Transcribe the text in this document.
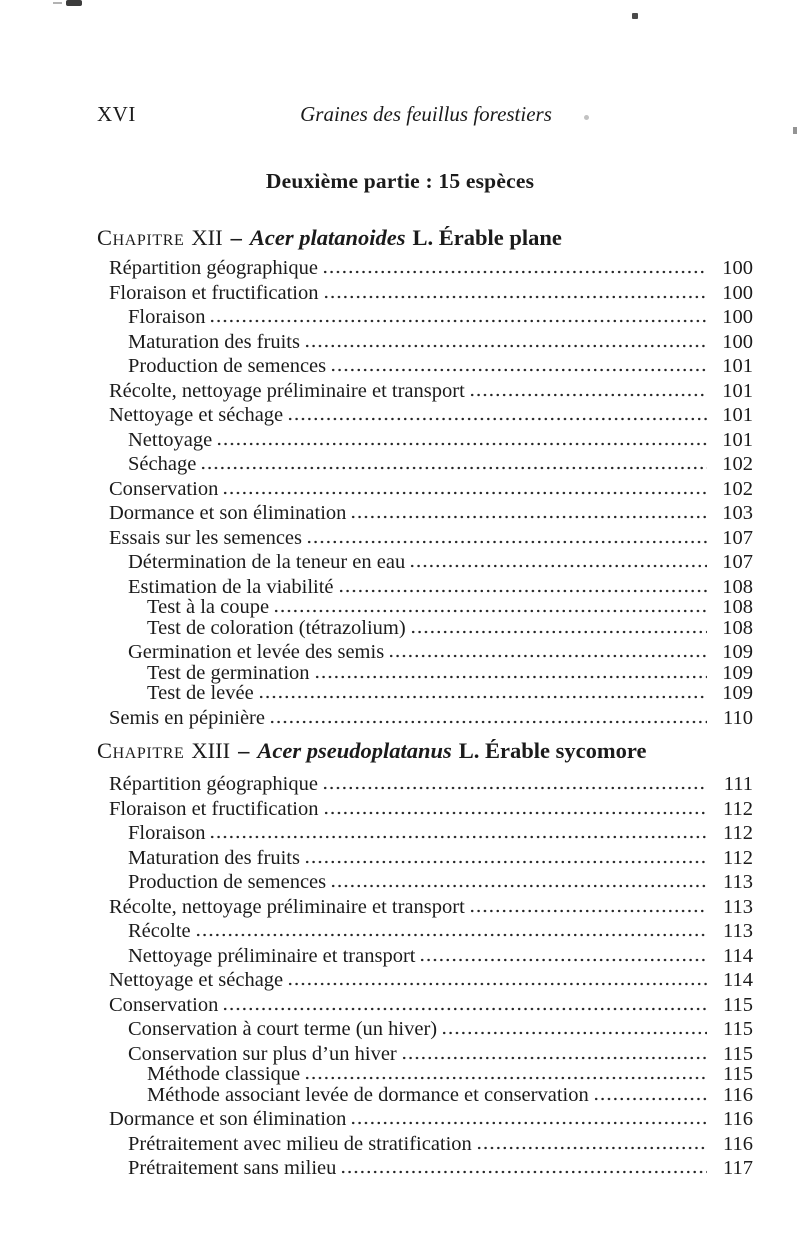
XVI	Graines des feuillus forestiers
Deuxième partie : 15 espèces
Chapitre XII – Acer platanoides L. Érable plane
Répartition géographique	100
Floraison et fructification	100
Floraison	100
Maturation des fruits	100
Production de semences	101
Récolte, nettoyage préliminaire et transport	101
Nettoyage et séchage	101
Nettoyage	101
Séchage	102
Conservation	102
Dormance et son élimination	103
Essais sur les semences	107
Détermination de la teneur en eau	107
Estimation de la viabilité	108
Test à la coupe	108
Test de coloration (tétrazolium)	108
Germination et levée des semis	109
Test de germination	109
Test de levée	109
Semis en pépinière	110
Chapitre XIII – Acer pseudoplatanus L. Érable sycomore
Répartition géographique	111
Floraison et fructification	112
Floraison	112
Maturation des fruits	112
Production de semences	113
Récolte, nettoyage préliminaire et transport	113
Récolte	113
Nettoyage préliminaire et transport	114
Nettoyage et séchage	114
Conservation	115
Conservation à court terme (un hiver)	115
Conservation sur plus d’un hiver	115
Méthode classique	115
Méthode associant levée de dormance et conservation	116
Dormance et son élimination	116
Prétraitement avec milieu de stratification	116
Prétraitement sans milieu	117
